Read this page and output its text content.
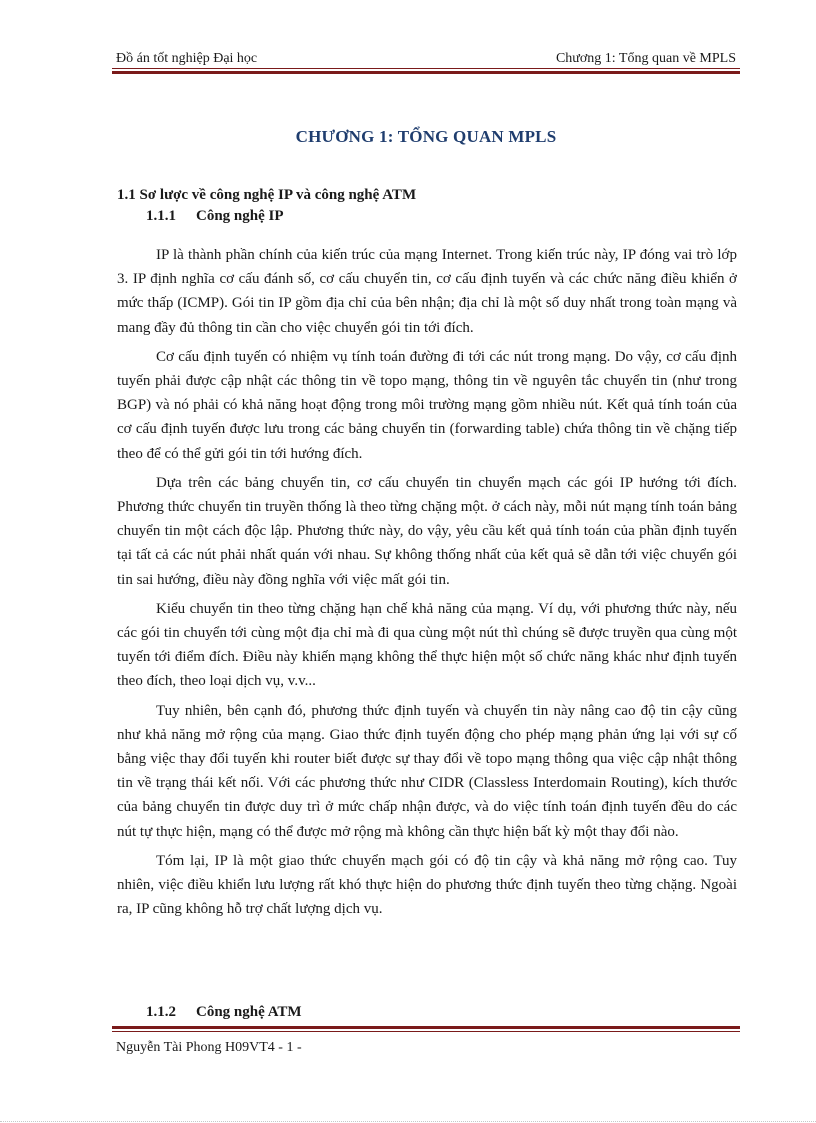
Đồ án tốt nghiệp Đại học	Chương 1: Tổng quan về MPLS
CHƯƠNG 1: TỔNG QUAN MPLS
1.1 Sơ lược về công nghệ IP và công nghệ ATM
1.1.1 Công nghệ IP

IP là thành phần chính của kiến trúc của mạng Internet. Trong kiến trúc này, IP đóng vai trò lớp 3. IP định nghĩa cơ cấu đánh số, cơ cấu chuyển tin, cơ cấu định tuyến và các chức năng điều khiển ở mức thấp (ICMP). Gói tin IP gồm địa chỉ của bên nhận; địa chỉ là một số duy nhất trong toàn mạng và mang đầy đủ thông tin cần cho việc chuyển gói tin tới đích.

Cơ cấu định tuyến có nhiệm vụ tính toán đường đi tới các nút trong mạng. Do vậy, cơ cấu định tuyến phải được cập nhật các thông tin về topo mạng, thông tin về nguyên tắc chuyển tin (như trong BGP) và nó phải có khả năng hoạt động trong môi trường mạng gồm nhiều nút. Kết quả tính toán của cơ cấu định tuyến được lưu trong các bảng chuyển tin (forwarding table) chứa thông tin về chặng tiếp theo để có thể gửi gói tin tới hướng đích.

Dựa trên các bảng chuyển tin, cơ cấu chuyển tin chuyển mạch các gói IP hướng tới đích. Phương thức chuyển tin truyền thống là theo từng chặng một. ở cách này, mỗi nút mạng tính toán bảng chuyển tin một cách độc lập. Phương thức này, do vậy, yêu cầu kết quả tính toán của phần định tuyến tại tất cả các nút phải nhất quán với nhau. Sự không thống nhất của kết quả sẽ dẫn tới việc chuyển gói tin sai hướng, điều này đồng nghĩa với việc mất gói tin.

Kiểu chuyển tin theo từng chặng hạn chế khả năng của mạng. Ví dụ, với phương thức này, nếu các gói tin chuyển tới cùng một địa chỉ mà đi qua cùng một nút thì chúng sẽ được truyền qua cùng một tuyến tới điểm đích. Điều này khiến mạng không thể thực hiện một số chức năng khác như định tuyến theo đích, theo loại dịch vụ, v.v...

Tuy nhiên, bên cạnh đó, phương thức định tuyến và chuyển tin này nâng cao độ tin cậy cũng như khả năng mở rộng của mạng. Giao thức định tuyến động cho phép mạng phản ứng lại với sự cố bằng việc thay đổi tuyến khi router biết được sự thay đổi về topo mạng thông qua việc cập nhật thông tin về trạng thái kết nối. Với các phương thức như CIDR (Classless Interdomain Routing), kích thước của bảng chuyển tin được duy trì ở mức chấp nhận được, và do việc tính toán định tuyến đều do các nút tự thực hiện, mạng có thể được mở rộng mà không cần thực hiện bất kỳ một thay đổi nào.

Tóm lại, IP là một giao thức chuyển mạch gói có độ tin cậy và khả năng mở rộng cao. Tuy nhiên, việc điều khiển lưu lượng rất khó thực hiện do phương thức định tuyến theo từng chặng. Ngoài ra, IP cũng không hỗ trợ chất lượng dịch vụ.

1.1.2 Công nghệ ATM
Nguyễn Tài Phong H09VT4 - 1 -
